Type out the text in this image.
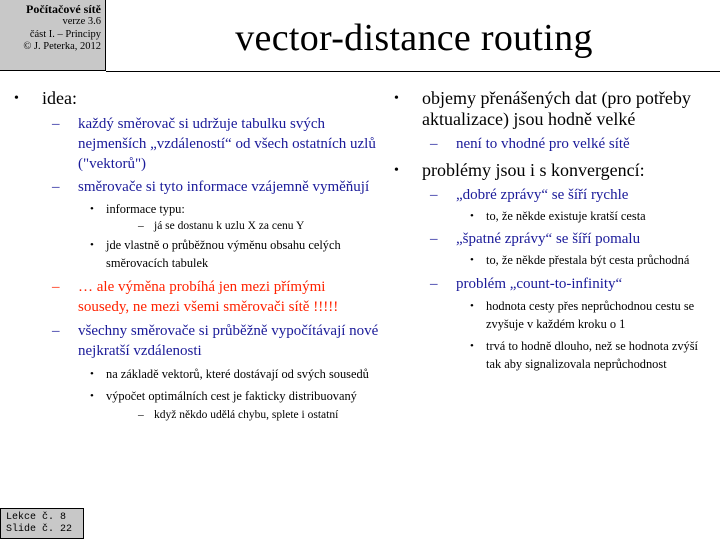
Počítačové sítě
verze 3.6
část I. – Principy
© J. Peterka, 2012	vector-distance routing
• idea:
– každý směrovač si udržuje tabulku svých nejmenších „vzdáleností“ od všech ostatních uzlů ("vektorů")
– směrovače si tyto informace vzájemně vyměňují
• informace typu:
– já se dostanu k uzlu X za cenu Y
• jde vlastně o průběžnou výměnu obsahu celých směrovacích tabulek
– … ale výměna probíhá jen mezi přímými sousedy, ne mezi všemi směrovači sítě !!!!!
– všechny směrovače si průběžně vypočítávají nové nejkratší vzdálenosti
• na základě vektorů, které dostávají od svých sousedů
• výpočet optimálních cest je fakticky distribuovaný
– když někdo udělá chybu, splete i ostatní
• objemy přenášených dat (pro potřeby aktualizace) jsou hodně velké
– není to vhodné pro velké sítě
• problémy jsou i s konvergencí:
– „dobré zprávy“ se šíří rychle
• to, že někde existuje kratší cesta
– „špatné zprávy“ se šíří pomalu
• to, že někde přestala být cesta průchodná
– problém „count-to-infinity“
• hodnota cesty přes neprůchodnou cestu se zvyšuje v každém kroku o 1
• trvá to hodně dlouho, než se hodnota zvýší tak aby signalizovala neprůchodnost
Lekce č. 8
Slide č. 22
